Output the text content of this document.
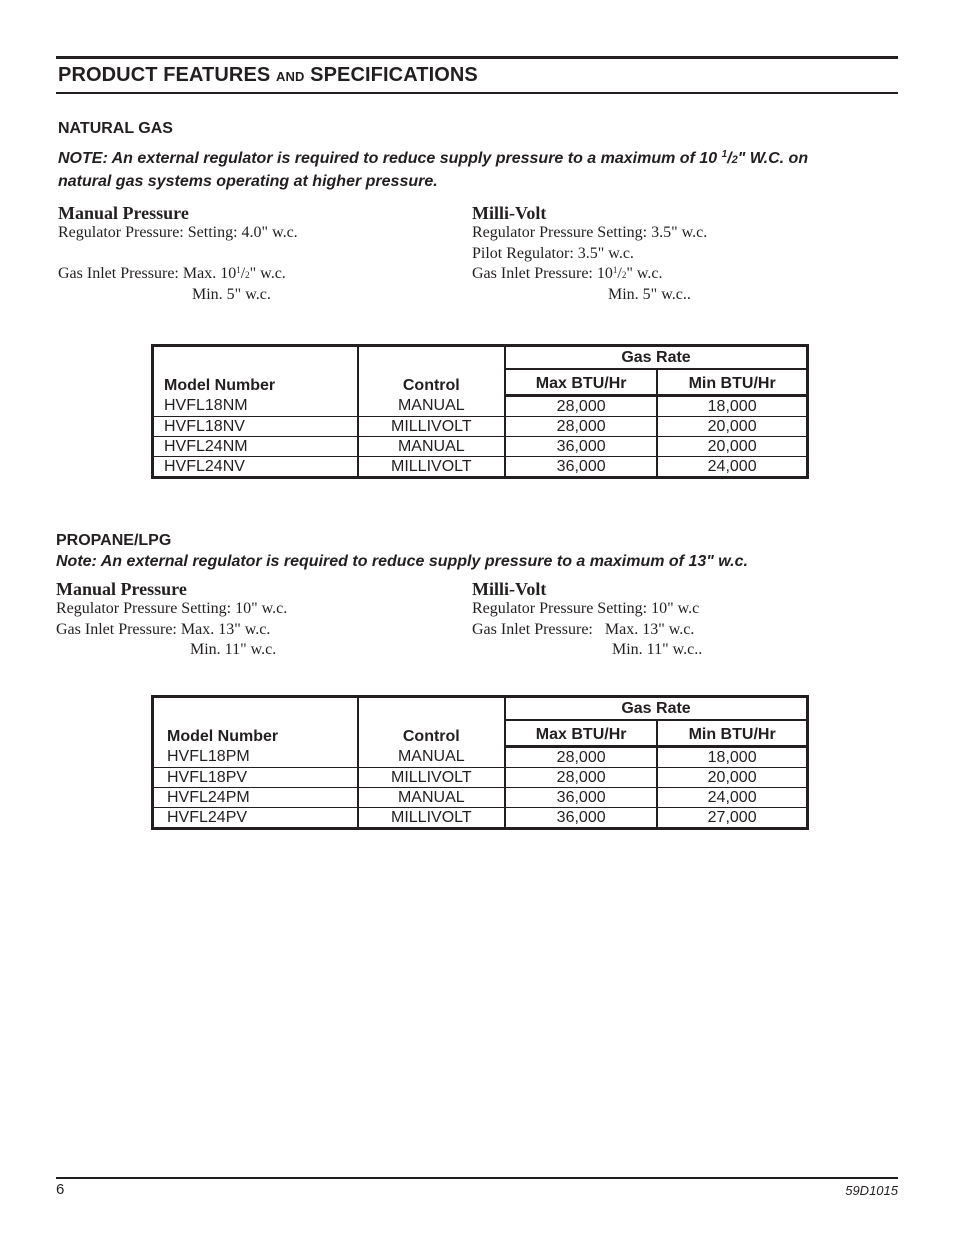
PRODUCT FEATURES AND SPECIFICATIONS
NATURAL GAS
NOTE: An external regulator is required to reduce supply pressure to a maximum of 10 $^1$/2" W.C. on
natural gas systems operating at higher pressure.
Manual Pressure
Regulator Pressure: Setting: 4.0" w.c.
Gas Inlet Pressure: Max. $10^1/2$" w.c.
Min. 5" w.c.
Milli-Volt
Regulator Pressure Setting: 3.5" w.c.
Pilot Regulator: 3.5" w.c.
Gas Inlet Pressure: $10^1/2$" w.c.
Min. 5" w.c..
Model Number	Control	Gas Rate	
		Max BTU/Hr	Min BTU/Hr
HVFL18NM	MANUAL	28,000	18,000
HVFL18NV	MILLIVOLT	28,000	20,000
HVFL24NM	MANUAL	36,000	20,000
HVFL24NV	MILLIVOLT	36,000	24,000
PROPANE/LPG
Note: An external regulator is required to reduce supply pressure to a maximum of 13" w.c.
Manual Pressure
Regulator Pressure Setting: 10" w.c.
Gas Inlet Pressure: Max. 13" w.c.
Min. 11" w.c.
Milli-Volt
Regulator Pressure Setting: 10" w.c
Gas Inlet Pressure:   Max. 13" w.c.
Min. 11" w.c..
Model Number	Control	Gas Rate	
		Max BTU/Hr	Min BTU/Hr
HVFL18PM	MANUAL	28,000	18,000
HVFL18PV	MILLIVOLT	28,000	20,000
HVFL24PM	MANUAL	36,000	24,000
HVFL24PV	MILLIVOLT	36,000	27,000
6	59D1015
